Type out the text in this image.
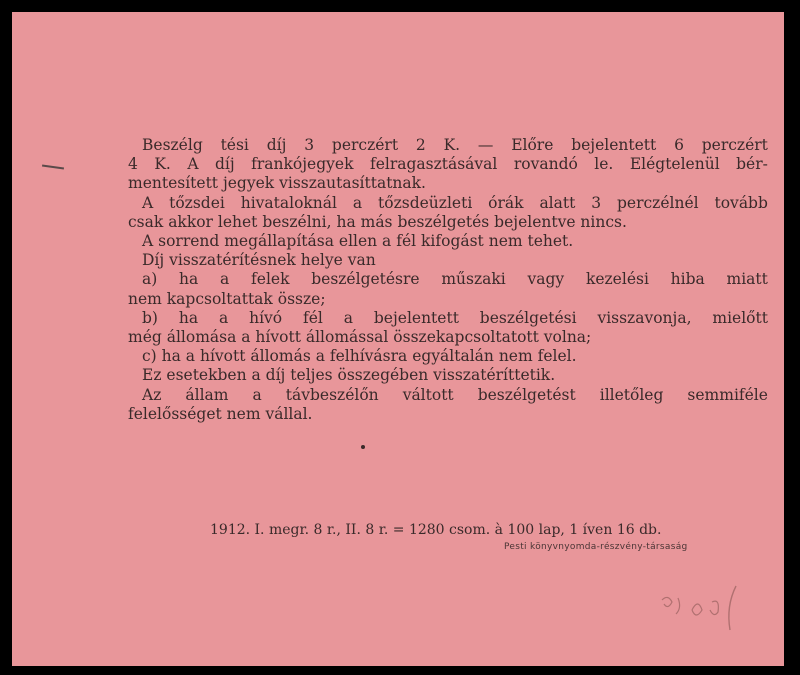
Beszélg tési díj 3 perczért 2 K. — Előre bejelentett 6 perczért
4 K. A díj frankójegyek felragasztásával rovandó le. Elégtelenül bér-
mentesített jegyek visszautasíttatnak.
A tőzsdei hivataloknál a tőzsdeüzleti órák alatt 3 perczélnél tovább
csak akkor lehet beszélni, ha más beszélgetés bejelentve nincs.
A sorrend megállapítása ellen a fél kifogást nem tehet.
Díj visszatérítésnek helye van
a) ha a felek beszélgetésre műszaki vagy kezelési hiba miatt
nem kapcsoltattak össze;
b) ha a hívó fél a bejelentett beszélgetési visszavonja, mielőtt
még állomása a hívott állomással összekapcsoltatott volna;
c) ha a hívott állomás a felhívásra egyáltalán nem felel.
Ez esetekben a díj teljes összegében visszatéríttetik.
Az állam a távbeszélőn váltott beszélgetést illetőleg semmiféle
felelősséget nem vállal.
1912. I. megr. 8 r., II. 8 r. = 1280 csom. à 100 lap, 1 íven 16 db.
Pesti könyvnyomda-részvény-társaság
